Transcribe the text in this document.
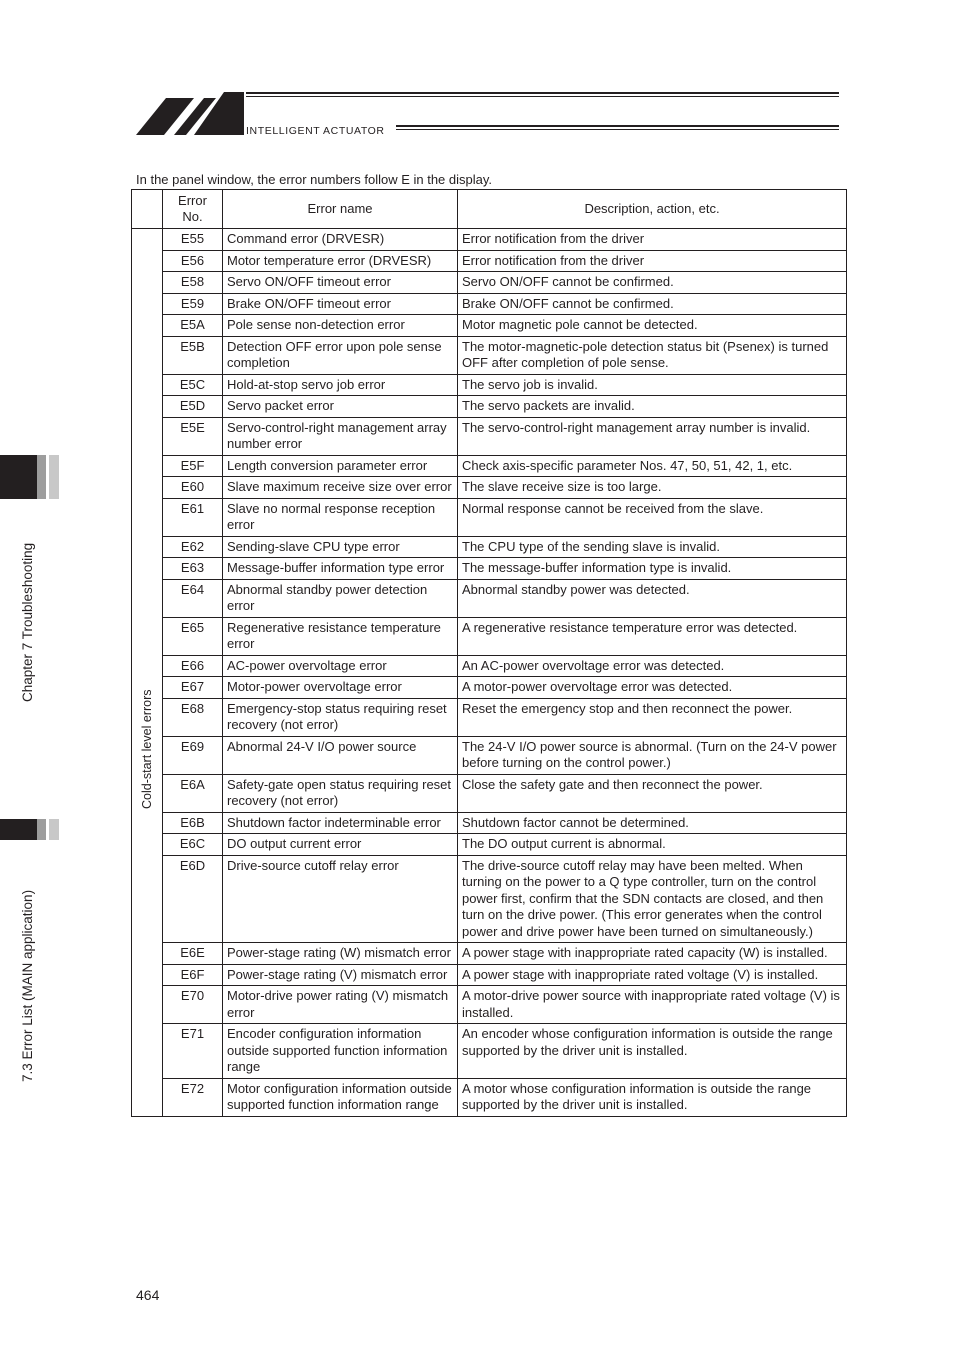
INTELLIGENT ACTUATOR
In the panel window, the error numbers follow E in the display.
Chapter 7 Troubleshooting
7.3 Error List (MAIN application)
	Error No.	Error name	Description, action, etc.

Cold-start level errors	E55	Command error (DRVESR)	Error notification from the driver
	E56	Motor temperature error (DRVESR)	Error notification from the driver
	E58	Servo ON/OFF timeout error	Servo ON/OFF cannot be confirmed.
	E59	Brake ON/OFF timeout error	Brake ON/OFF cannot be confirmed.
	E5A	Pole sense non-detection error	Motor magnetic pole cannot be detected.
	E5B	Detection OFF error upon pole sense completion	The motor-magnetic-pole detection status bit (Psenex) is turned OFF after completion of pole sense.
	E5C	Hold-at-stop servo job error	The servo job is invalid.
	E5D	Servo packet error	The servo packets are invalid.
	E5E	Servo-control-right management array number error	The servo-control-right management array number is invalid.
	E5F	Length conversion parameter error	Check axis-specific parameter Nos. 47, 50, 51, 42, 1, etc.
	E60	Slave maximum receive size over error	The slave receive size is too large.
	E61	Slave no normal response reception error	Normal response cannot be received from the slave.
	E62	Sending-slave CPU type error	The CPU type of the sending slave is invalid.
	E63	Message-buffer information type error	The message-buffer information type is invalid.
	E64	Abnormal standby power detection error	Abnormal standby power was detected.
	E65	Regenerative resistance temperature error	A regenerative resistance temperature error was detected.
	E66	AC-power overvoltage error	An AC-power overvoltage error was detected.
	E67	Motor-power overvoltage error	A motor-power overvoltage error was detected.
	E68	Emergency-stop status requiring reset recovery (not error)	Reset the emergency stop and then reconnect the power.
	E69	Abnormal 24-V I/O power source	The 24-V I/O power source is abnormal. (Turn on the 24-V power before turning on the control power.)
	E6A	Safety-gate open status requiring reset recovery (not error)	Close the safety gate and then reconnect the power.
	E6B	Shutdown factor indeterminable error	Shutdown factor cannot be determined.
	E6C	DO output current error	The DO output current is abnormal.
	E6D	Drive-source cutoff relay error	The drive-source cutoff relay may have been melted. When turning on the power to a Q type controller, turn on the control power first, confirm that the SDN contacts are closed, and then turn on the drive power. (This error generates when the control power and drive power have been turned on simultaneously.)
	E6E	Power-stage rating (W) mismatch error	A power stage with inappropriate rated capacity (W) is installed.
	E6F	Power-stage rating (V) mismatch error	A power stage with inappropriate rated voltage (V) is installed.
	E70	Motor-drive power rating (V) mismatch error	A motor-drive power source with inappropriate rated voltage (V) is installed.
	E71	Encoder configuration information outside supported function information range	An encoder whose configuration information is outside the range supported by the driver unit is installed.
	E72	Motor configuration information outside supported function information range	A motor whose configuration information is outside the range supported by the driver unit is installed.
464
